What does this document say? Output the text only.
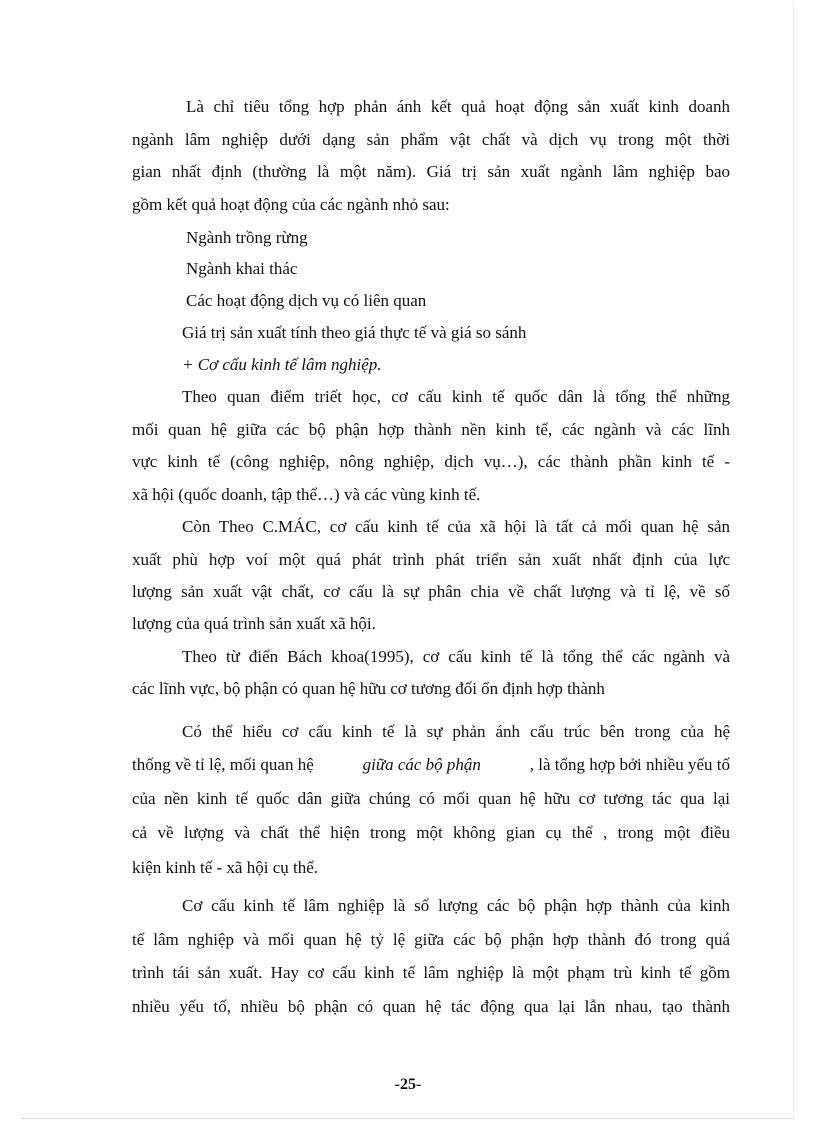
Là chỉ tiêu tổng hợp phản ánh kết quả hoạt động sản xuất kinh doanh
ngành lâm nghiệp dưới dạng sản phẩm vật chất và dịch vụ trong một thời
gian nhất định (thường là một năm). Giá trị sản xuất ngành lâm nghiệp bao
gồm kết quả hoạt động của các ngành nhỏ sau:
Ngành trồng rừng
Ngành khai thác
Các hoạt động dịch vụ có liên quan
Giá trị sản xuất tính theo giá thực tế và giá so sánh
+ Cơ cấu kinh tế lâm nghiệp.
Theo quan điểm triết học, cơ cấu kinh tế quốc dân là tổng thể những
mối quan hệ giữa các bộ phận hợp thành nền kinh tế, các ngành và các lĩnh
vực kinh tế (công nghiệp, nông nghiệp, dịch vụ…), các thành phần kinh tế -
xã hội (quốc doanh, tập thể…) và các vùng kinh tế.
Còn Theo C.MÁC, cơ cấu kinh tế của xã hội là tất cả mối quan hệ sản
xuất phù hợp voí một quá phát trình phát triển sản xuất nhất định của lực
lượng sản xuất vật chất, cơ cấu là sự phân chia về chất lượng và tỉ lệ, về số
lượng của quá trình sản xuất xã hội.
Theo từ điển Bách khoa(1995), cơ cấu kinh tế là tổng thể các ngành và
các lĩnh vực, bộ phận có quan hệ hữu cơ tương đối ổn định hợp thành
Có thể hiểu cơ cấu kinh tế là sự phản ánh cấu trúc bên trong của hệ
thống về tỉ lệ, mối quan hệ	giữa các bộ phận	, là tổng hợp bởi nhiều yếu tố
của nền kinh tế quốc dân giữa chúng có mối quan hệ hữu cơ tương tác qua lại
cả về lượng và chất thể hiện trong một không gian cụ thể , trong một điều
kiện kinh tế - xã hội cụ thể.
Cơ cấu kinh tế lâm nghiệp là số lượng các bộ phận hợp thành của kinh
tế lâm nghiệp và mối quan hệ tỷ lệ giữa các bộ phận hợp thành đó trong quá
trình tái sản xuất. Hay cơ cấu kinh tế lâm nghiệp là một phạm trù kinh tế gồm
nhiều yếu tố, nhiều bộ phận có quan hệ tác động qua lại lẫn nhau, tạo thành
-25-
